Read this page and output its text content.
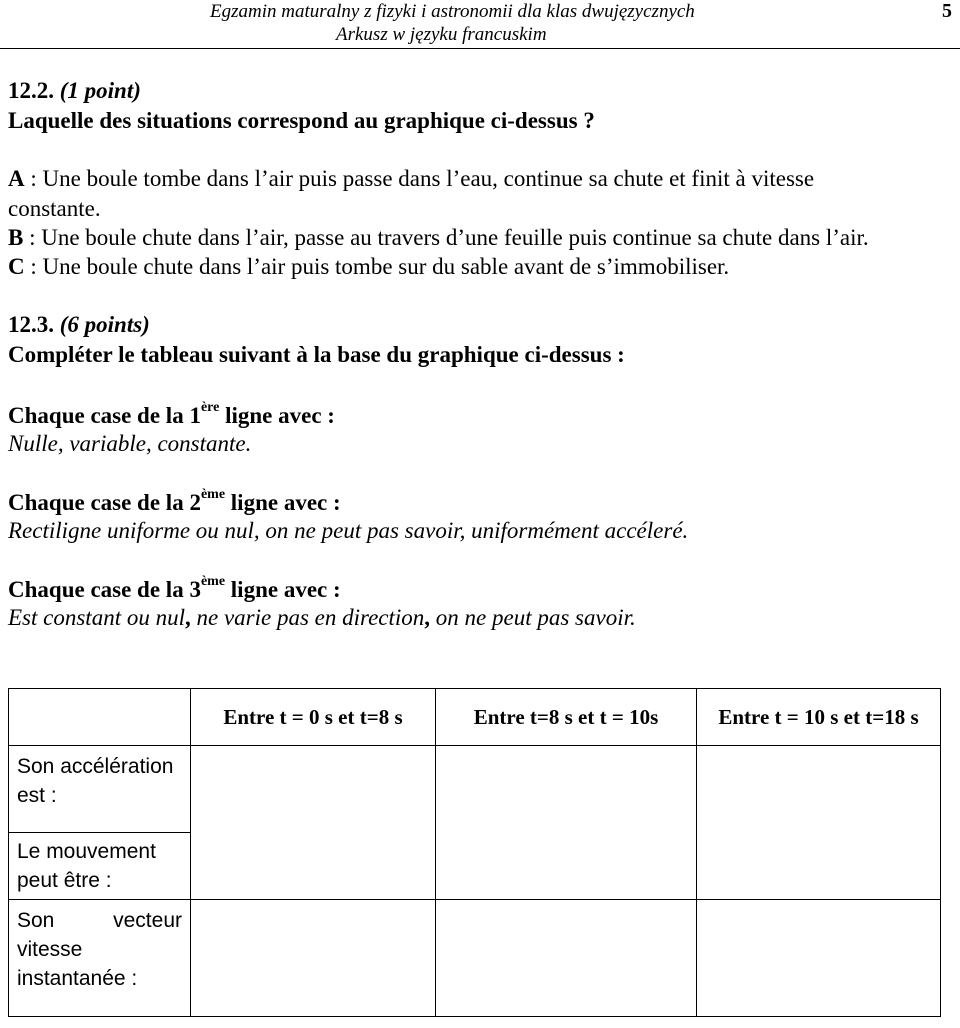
Egzamin maturalny z fizyki i astronomii dla klas dwujęzycznych
Arkusz w języku francuskim
5
12.2. (1 point)
Laquelle des situations correspond au graphique ci-dessus ?
A : Une boule tombe dans l’air puis passe dans l’eau, continue sa chute et finit à vitesse
constante.
B : Une boule chute dans l’air, passe au travers d’une feuille puis continue sa chute dans l’air.
C : Une boule chute dans l’air puis tombe sur du sable avant de s’immobiliser.
12.3. (6 points)
Compléter le tableau suivant à la base du graphique ci-dessus :
Chaque case de la 1ère ligne avec :
Nulle, variable, constante.
Chaque case de la 2ème ligne avec :
Rectiligne uniforme ou nul, on ne peut pas savoir, uniformément accéleré.
Chaque case de la 3ème ligne avec :
Est constant ou nul, ne varie pas en direction, on ne peut pas savoir.
	Entre t = 0 s et t=8 s	Entre t=8 s et t = 10s	Entre t = 10 s et t=18 s

Son accélération est :
Le mouvement peut être :			

Son vecteur vitesse instantanée :			
